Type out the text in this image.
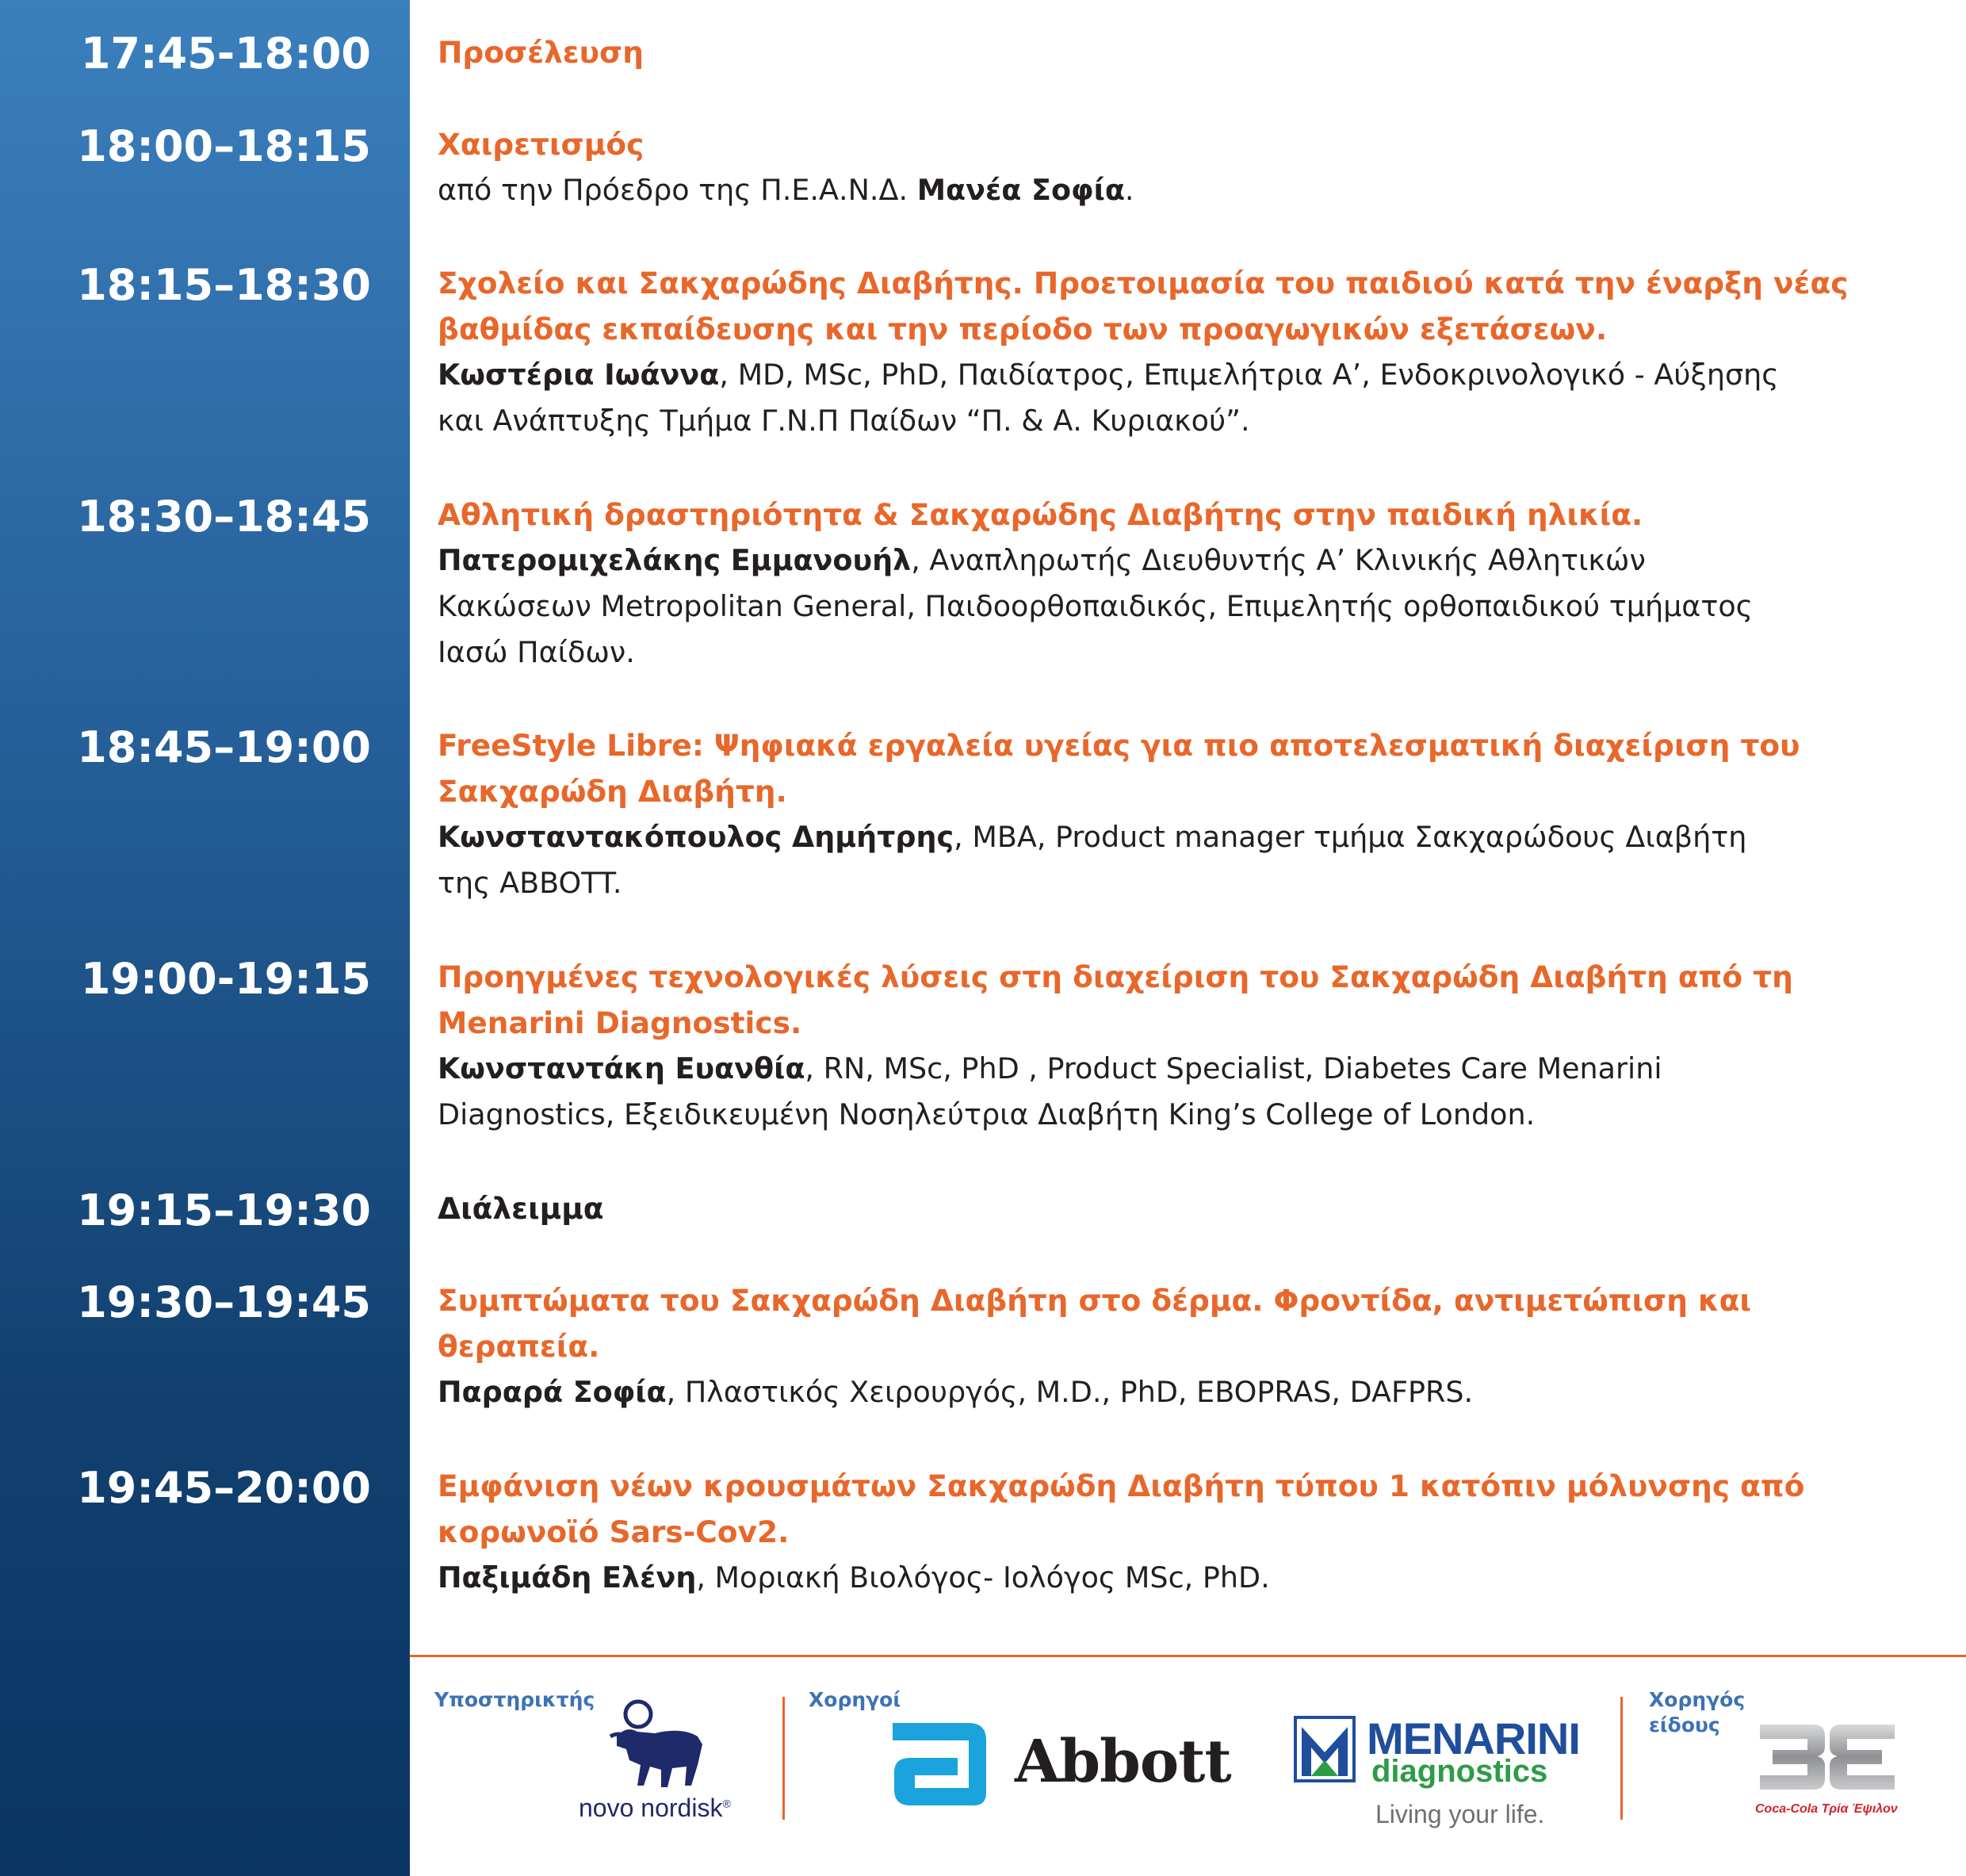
17:45-18:00 Προσέλευση
18:00–18:15 Χαιρετισμός
από την Πρόεδρο της Π.Ε.Α.Ν.Δ. Μανέα Σοφία.
18:15–18:30 Σχολείο και Σακχαρώδης Διαβήτης. Προετοιμασία του παιδιού κατά την έναρξη νέας
βαθμίδας εκπαίδευσης και την περίοδο των προαγωγικών εξετάσεων.
Κωστέρια Ιωάννα, MD, MSc, PhD, Παιδίατρος, Επιμελήτρια Α’, Ενδοκρινολογικό - Αύξησης
και Ανάπτυξης Τμήμα Γ.Ν.Π Παίδων “Π. & Α. Κυριακού”.
18:30–18:45 Αθλητική δραστηριότητα & Σακχαρώδης Διαβήτης στην παιδική ηλικία.
Πατερομιχελάκης Εμμανουήλ, Αναπληρωτής Διευθυντής Α’ Κλινικής Αθλητικών
Κακώσεων Metropolitan General, Παιδοορθοπαιδικός, Επιμελητής ορθοπαιδικού τμήματος
Ιασώ Παίδων.
18:45–19:00 FreeStyle Libre: Ψηφιακά εργαλεία υγείας για πιο αποτελεσματική διαχείριση του
Σακχαρώδη Διαβήτη.
Κωνσταντακόπουλος Δημήτρης, MBA, Product manager τμήμα Σακχαρώδους Διαβήτη
της ABBOTT.
19:00-19:15 Προηγμένες τεχνολογικές λύσεις στη διαχείριση του Σακχαρώδη Διαβήτη από τη
Menarini Diagnostics.
Κωνσταντάκη Ευανθία, RN, MSc, PhD , Product Specialist, Diabetes Care Menarini
Diagnostics, Εξειδικευμένη Νοσηλεύτρια Διαβήτη King’s College of London.
19:15–19:30 Διάλειμμα
19:30–19:45 Συμπτώματα του Σακχαρώδη Διαβήτη στο δέρμα. Φροντίδα, αντιμετώπιση και
θεραπεία.
Παραρά Σοφία, Πλαστικός Χειρουργός, M.D., PhD, EBOPRAS, DAFPRS.
19:45–20:00 Εμφάνιση νέων κρουσμάτων Σακχαρώδη Διαβήτη τύπου 1 κατόπιν μόλυνσης από
κορωνοϊό Sars-Cov2.
Παξιμάδη Ελένη, Μοριακή Βιολόγος- Ιολόγος MSc, PhD.
Υποστηρικτής	Χορηγοί	Χορηγός
είδους
novo nordisk®
Abbott	MENARINI
diagnostics
Living your life.	Coca-Cola Τρία Έψιλον
